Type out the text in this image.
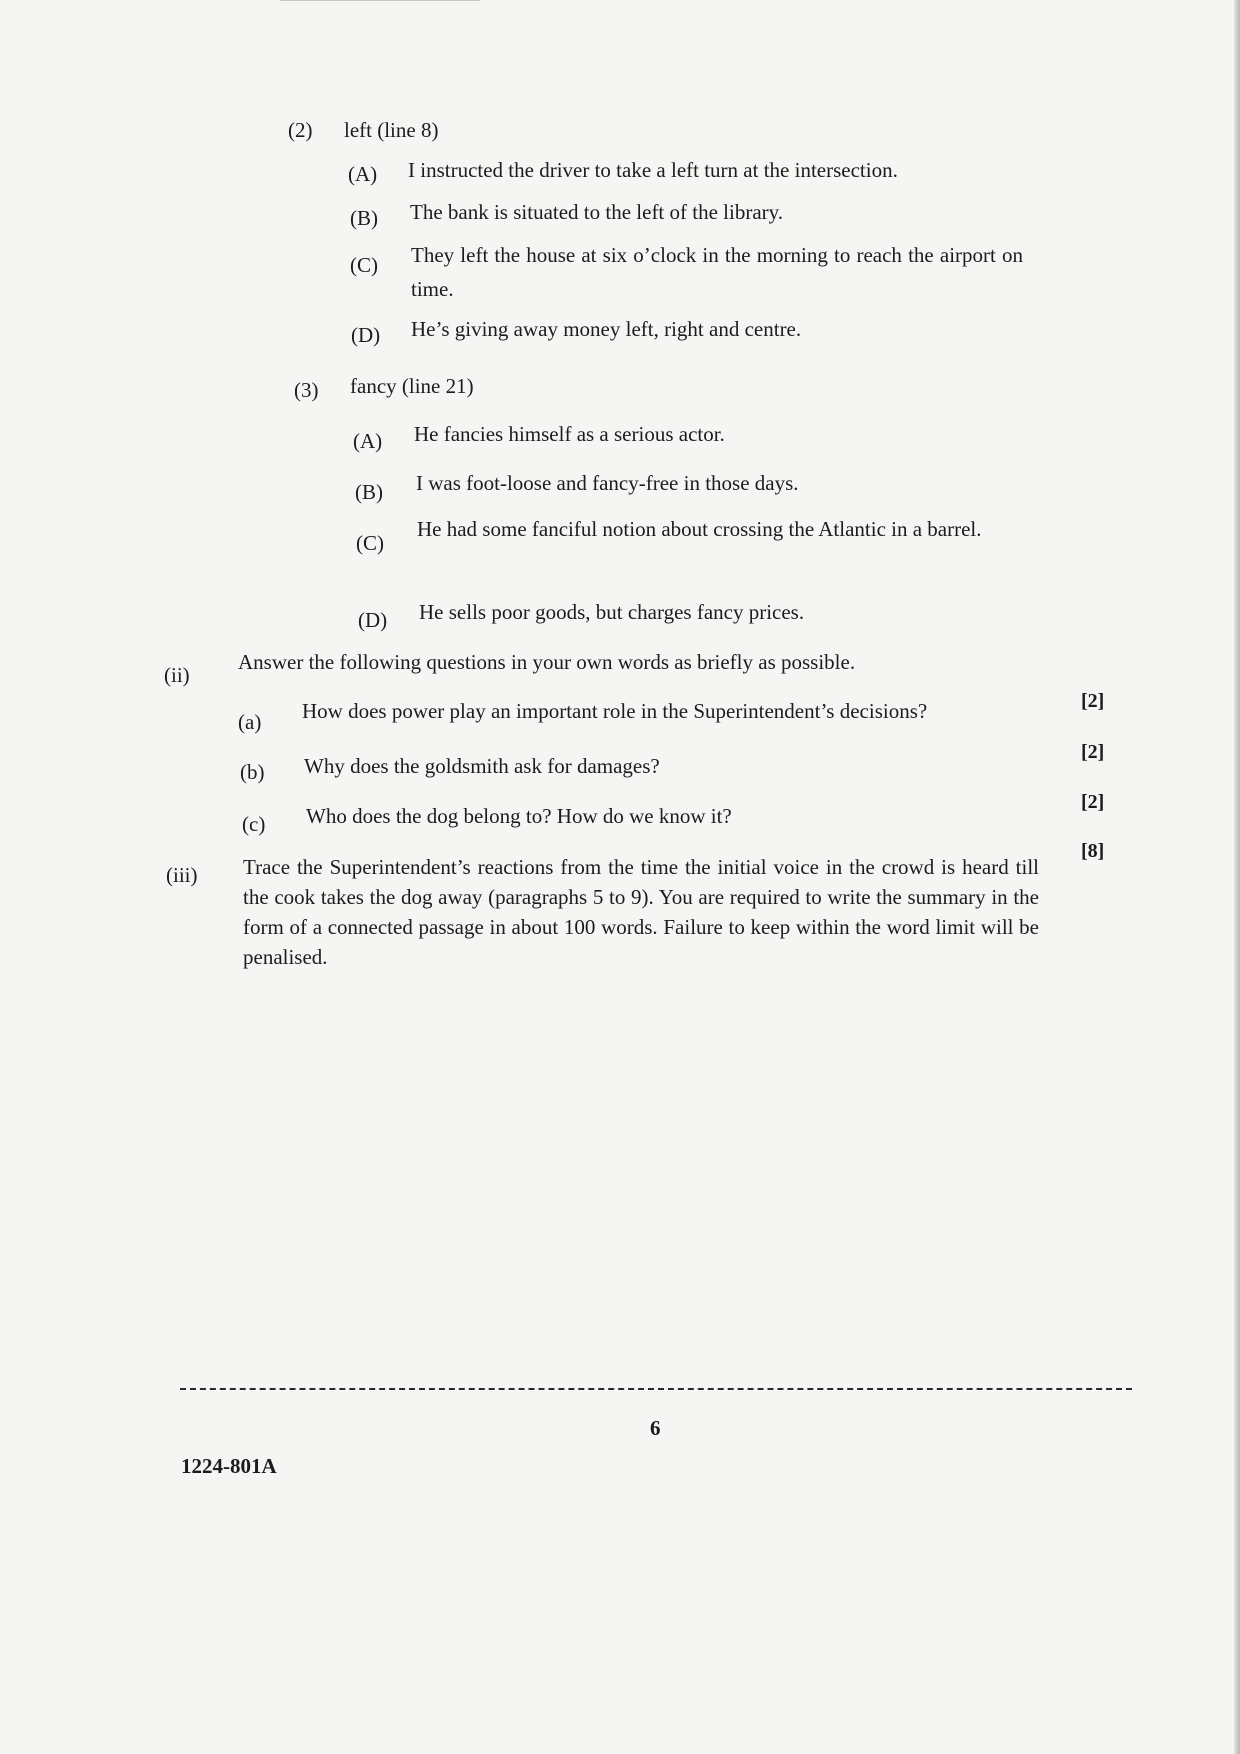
(2) left (line 8)
(A) I instructed the driver to take a left turn at the intersection.
(B) The bank is situated to the left of the library.
(C) They left the house at six o’clock in the morning to reach the airport on time.
(D) He’s giving away money left, right and centre.
(3) fancy (line 21)
(A) He fancies himself as a serious actor.
(B) I was foot-loose and fancy-free in those days.
(C)
He had some fanciful notion about crossing the Atlantic in a barrel.
(D) He sells poor goods, but charges fancy prices.
(ii)
Answer the following questions in your own words as briefly as possible.
(a) How does power play an important role in the Superintendent’s decisions?	[2]
(b) Why does the goldsmith ask for damages?
[2]
(c) Who does the dog belong to? How do we know it?
[2]
(iii) Trace the Superintendent’s reactions from the time the initial voice in the crowd is heard till the cook takes the dog away (paragraphs 5 to 9). You are required to write the summary in the form of a connected passage in about 100 words. Failure to keep within the word limit will be penalised.
[8]
6
1224-801A
